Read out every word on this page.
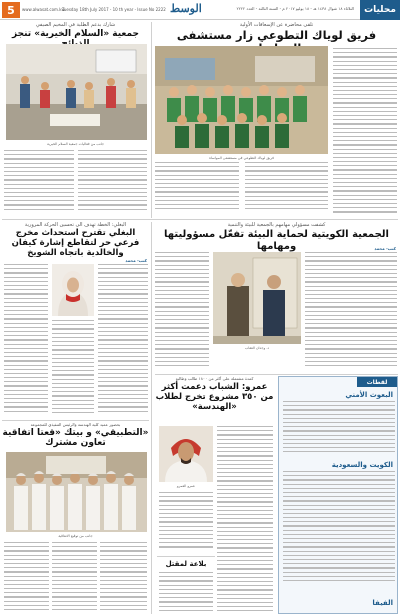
محليات
الثلاثاء ١٨ شوال ١٤٣٨ هـ - ١٨ يوليو ٢٠١٧ م - السنة الثالثة - العدد ٢٢٢٢
الوسط
Tuesday 18th July 2017 - 10 th year - Issue No 2222
www.alwasat.com.kw
5
تلقى محاضرة عن الإسعافات الأولية
فريق لوياك التطوعي زار مستشفى
فريق لوياك التطوعي في مستشفى المواساة
شارك بدعم الطلبة في المخيم الصيفي
جمعية «السلام الخيرية» تنجز
جانب من فعاليات جمعية السلام الخيرية
كشفت مسؤولي مهامهم بالجمعية للبيئة والتنمية
الجمعية الكويتية لحماية البيئة تفعّل مسؤوليتها ومهامها	كتب- محمد
د. وجدان العقاب
البغلي: الخطة تهدف الى تحسين الحركة المرورية
البغلي تقترح استحداث مخرج فرعي حر لتقاطع إشارة كيفان والخالدية باتجاه الشويخ
كتب- محمد
لقطات
البعوث الأمني
الكويت والسعودية
الفيفا
كمدة مشتملة على أكثر من ١٨٠٠ طالب وطالبة
عمرو: الشباب دعمت أكثر من ٣٥٠ مشروع تخرج لطلاب «الهندسة»
عمرو العمرو
بلاعة لمقتل
بحضور عميد كلية الهندسة والرئيس التنفيذي للمجموعة
«التطبيقي» و بيتك «قعتا اتفاقية تعاون مشترك
جانب من توقيع الاتفاقية
